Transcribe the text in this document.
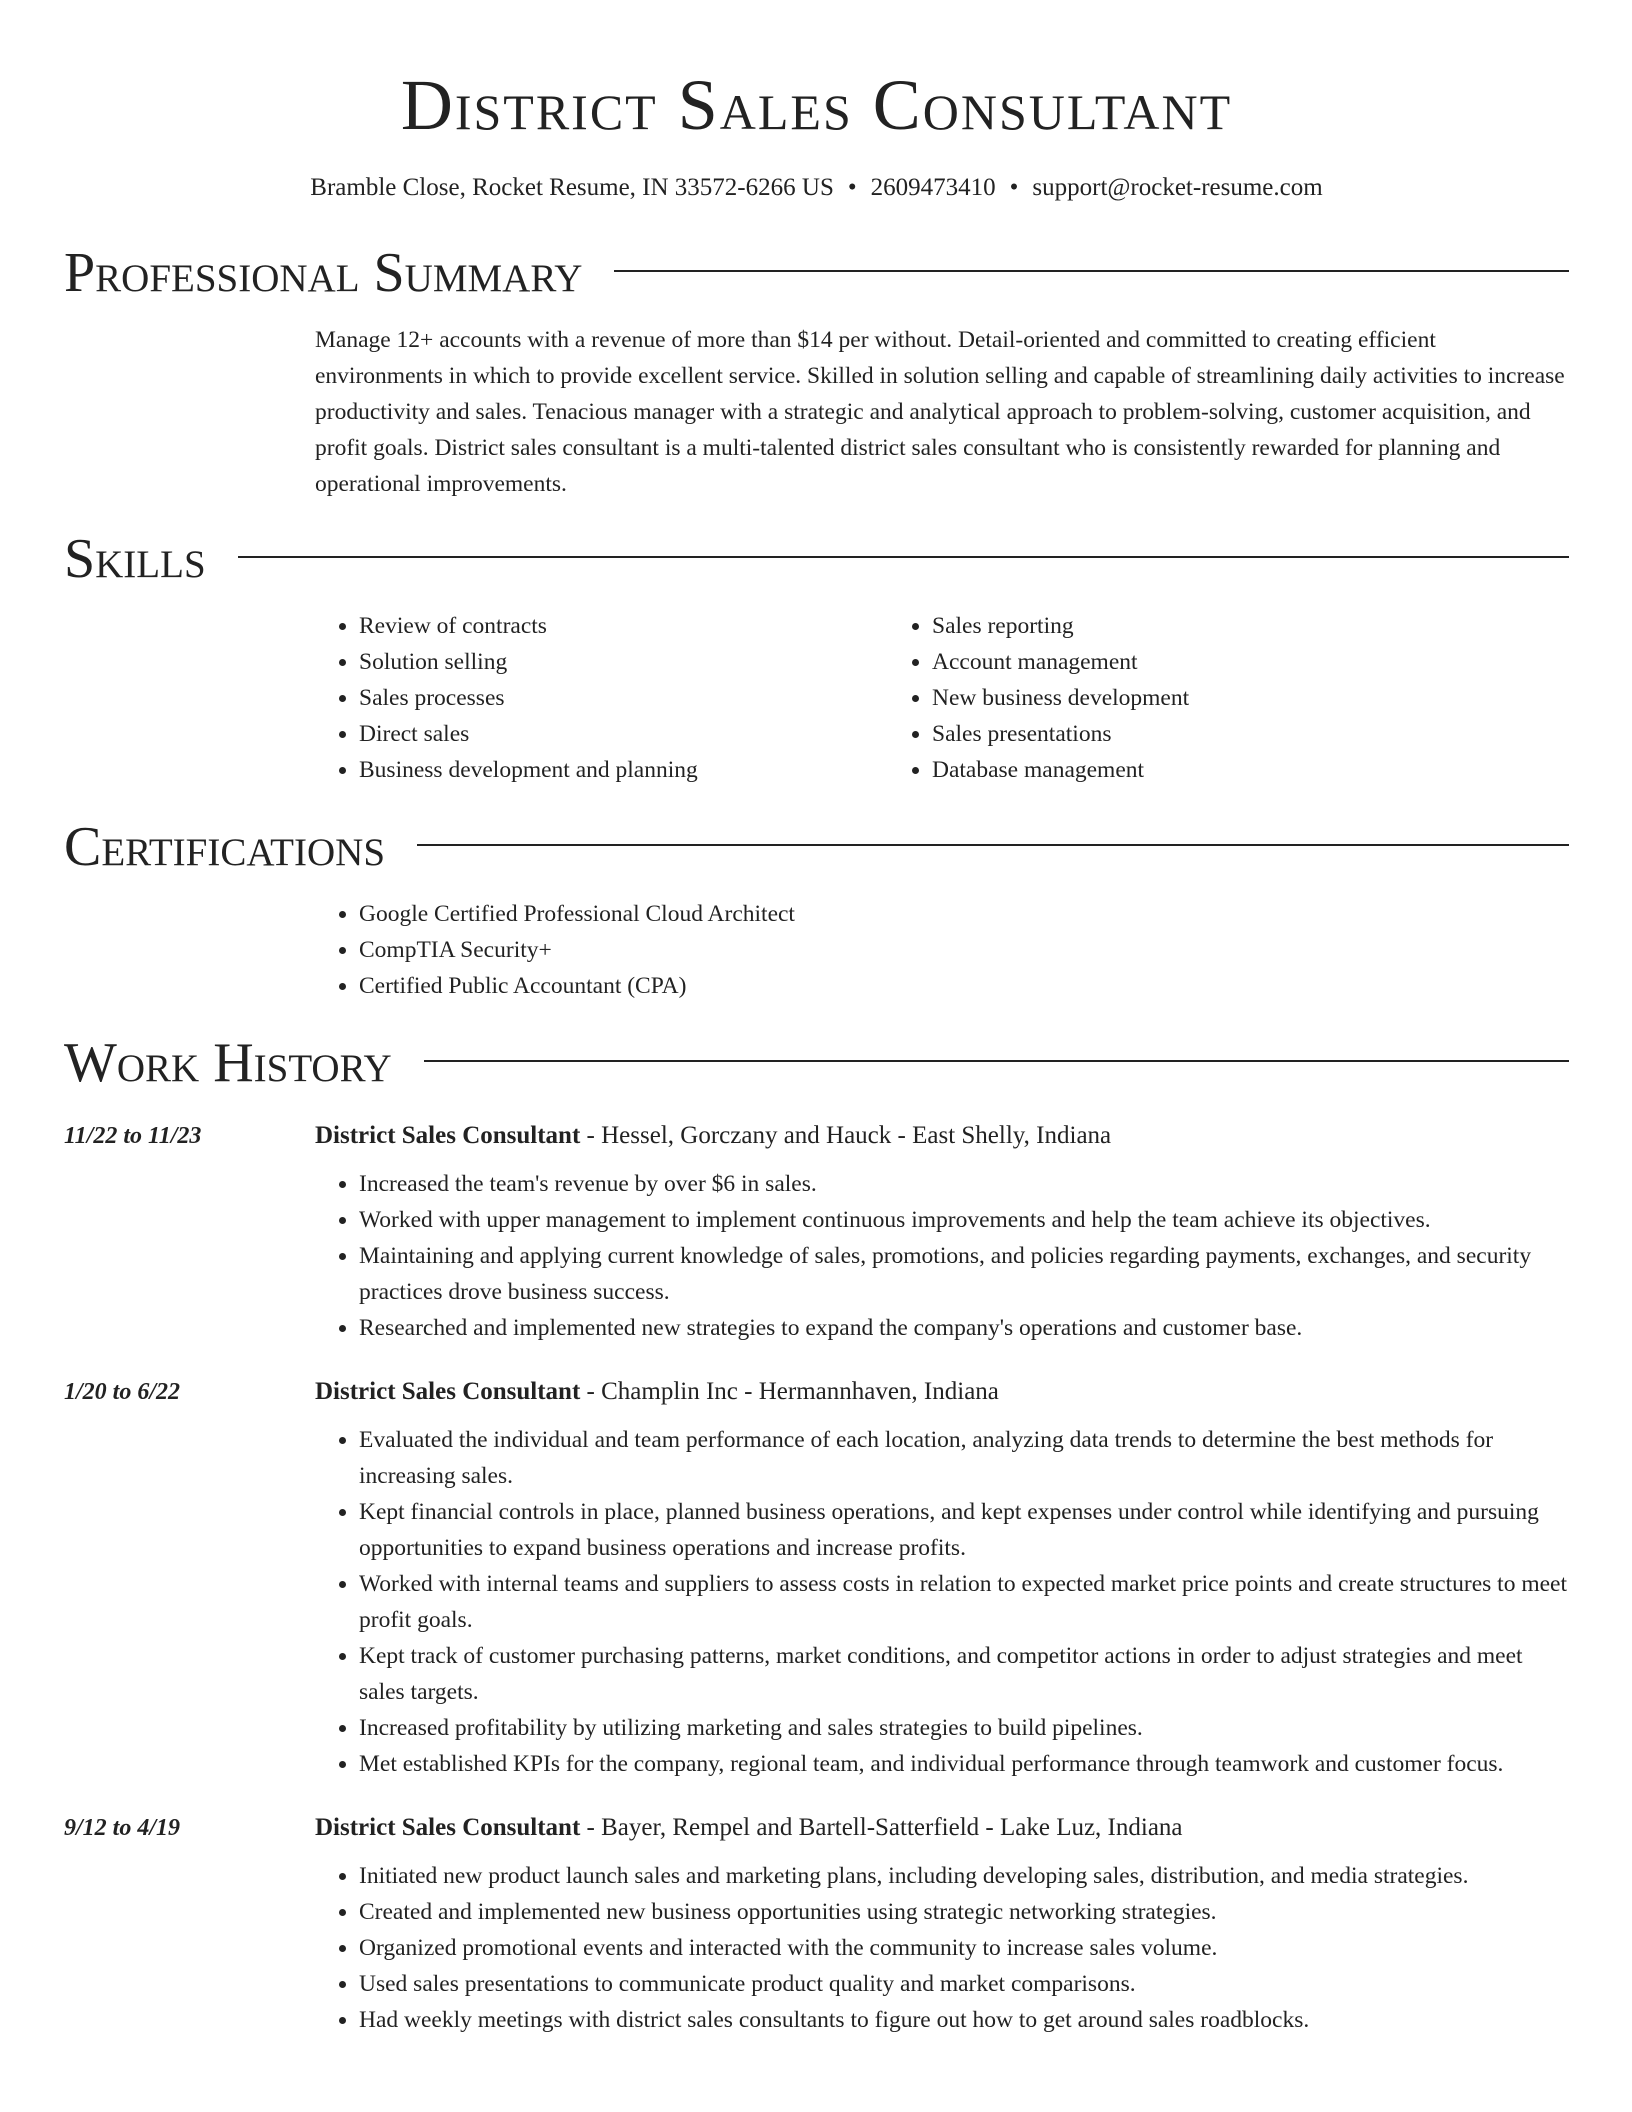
District Sales Consultant
Bramble Close, Rocket Resume, IN 33572-6266 US • 2609473410 • support@rocket-resume.com
Professional Summary
Manage 12+ accounts with a revenue of more than $14 per without. Detail-oriented and committed to creating efficient environments in which to provide excellent service. Skilled in solution selling and capable of streamlining daily activities to increase productivity and sales. Tenacious manager with a strategic and analytical approach to problem-solving, customer acquisition, and profit goals. District sales consultant is a multi-talented district sales consultant who is consistently rewarded for planning and operational improvements.
Skills
• Review of contracts
• Solution selling
• Sales processes
• Direct sales
• Business development and planning
• Sales reporting
• Account management
• New business development
• Sales presentations
• Database management
Certifications
• Google Certified Professional Cloud Architect
• CompTIA Security+
• Certified Public Accountant (CPA)
Work History
11/22 to 11/23	District Sales Consultant - Hessel, Gorczany and Hauck - East Shelly, Indiana
• Increased the team's revenue by over $6 in sales.
• Worked with upper management to implement continuous improvements and help the team achieve its objectives.
• Maintaining and applying current knowledge of sales, promotions, and policies regarding payments, exchanges, and security practices drove business success.
• Researched and implemented new strategies to expand the company's operations and customer base.
1/20 to 6/22	District Sales Consultant - Champlin Inc - Hermannhaven, Indiana
• Evaluated the individual and team performance of each location, analyzing data trends to determine the best methods for increasing sales.
• Kept financial controls in place, planned business operations, and kept expenses under control while identifying and pursuing opportunities to expand business operations and increase profits.
• Worked with internal teams and suppliers to assess costs in relation to expected market price points and create structures to meet profit goals.
• Kept track of customer purchasing patterns, market conditions, and competitor actions in order to adjust strategies and meet sales targets.
• Increased profitability by utilizing marketing and sales strategies to build pipelines.
• Met established KPIs for the company, regional team, and individual performance through teamwork and customer focus.
9/12 to 4/19	District Sales Consultant - Bayer, Rempel and Bartell-Satterfield - Lake Luz, Indiana
• Initiated new product launch sales and marketing plans, including developing sales, distribution, and media strategies.
• Created and implemented new business opportunities using strategic networking strategies.
• Organized promotional events and interacted with the community to increase sales volume.
• Used sales presentations to communicate product quality and market comparisons.
• Had weekly meetings with district sales consultants to figure out how to get around sales roadblocks.
